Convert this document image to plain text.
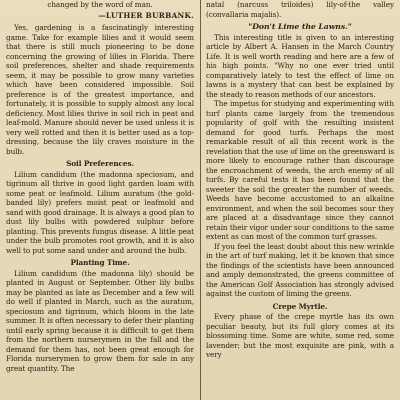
changed by the word of man.

—LUTHER BURBANK.

Yes, gardening is a fascinatingly interesting game. Take for example lilies and it would seem that there is still much pioneering to be done concerning the growing of lilies in Florida. There soil preferences, shelter and shade requirements seem, it may be possible to grow many varieties which have been considered impossible. Soil preference is of the greatest importance, and fortunately, it is possible to supply almost any local deficiency. Most lilies thrive in soil rich in peat and leaf-mold. Manure should never be used unless it is very well rotted and then it is better used as a top-dressing, because the lily craves moisture in the bulb.

Soil Preferences.

Lilium candidum (the madonna speciosum, and tigrinum all thrive in good light garden loam with some peat or leafmold. Lilium auratum (the gold-banded lily) prefers moist peat or leafmold and sand with good drainage. It is always a good plan to dust lily bulbs with powdered sulphur before planting. This prevents fungus disease. A little peat under the bulb promotes root growth, and it is also well to put some sand under and around the bulb.

Planting Time.

Lilium candidum (the madonna lily) should be planted in August or September. Other lily bulbs may be planted as late as December and a few will do well if planted in March, such as the auratum, speciosum and tigrinum, which bloom in the late summer. It is often necessary to defer their planting until early spring because it is difficult to get them from the northern nurserymen in the fall and the demand for them has, not been great enough for Florida nurserymen to grow them for sale in any great quantity. The

natal (narcuss triloides) lily-of-the valley (convallaria majalis).

"Don't Lime the Lawns."

This interesting title is given to an interesting article by Albert A. Hansen in the March Country Life. It is well worth reading and here are a few of his high points. "Why no one ever tried until comparatively lately to test the effect of lime on lawns is a mystery that can best be explained by the steady to reason methods of our ancestors.

The impetus for studying and experimenting with turf plants came largely from the tremendous popularity of golf with the resulting insistent demand for good turfs. Perhaps the most remarkable result of all this recent work is the revelation that the use of lime on the greensward is more likely to encourage rather than discourage the encroachment of weeds, the arch enemy of all turfs. By careful tests it has been found that the sweeter the soil the greater the number of weeds. Weeds have become accustomed to an alkaline environment, and when the soil becomes sour they are placed at a disadvantage since they cannot retain their vigor under sour conditions to the same extent as can most of the common turf grasses.

If you feel the least doubt about this new wrinkle in the art of turf making, let it be known that since the findings of the scientists have been announced and amply demonstrated, the greens committee of the American Golf Association has strongly advised against the custom of liming the greens.

Crepe Myrtle.

Every phase of the crepe myrtle has its own peculiar beauty, but its full glory comes at its blossoming time. Some are white, some red, some lavender; but the most exquisite are pink, with a very
